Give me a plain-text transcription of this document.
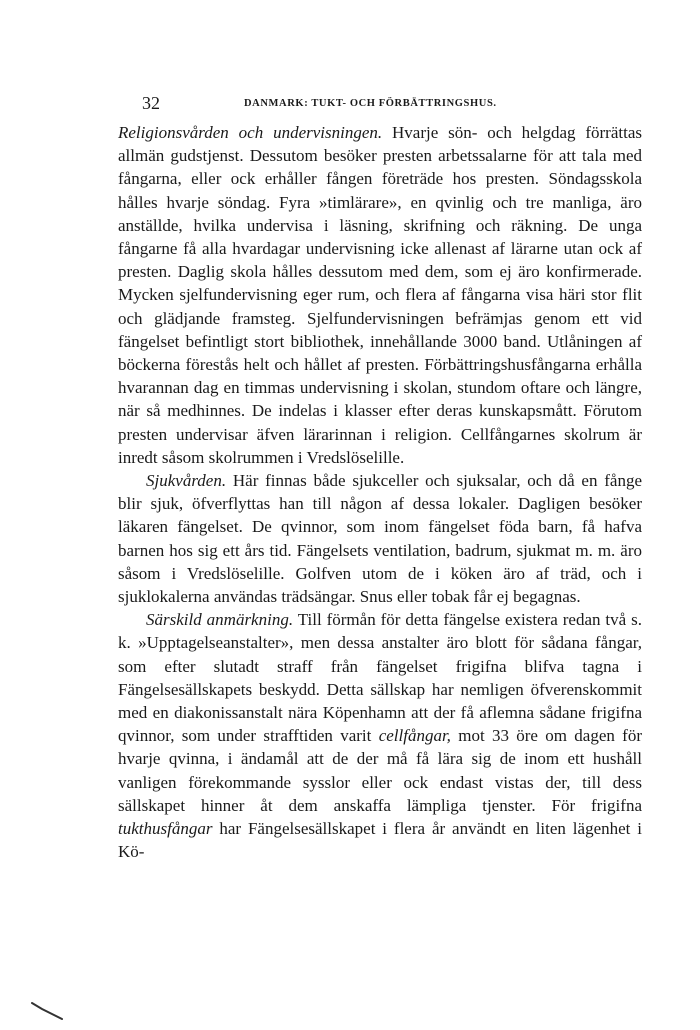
32	DANMARK: TUKT- OCH FÖRBÄTTRINGSHUS.

Religionsvården och undervisningen. Hvarje sön- och helgdag förrättas allmän gudstjenst. Dessutom besöker presten arbetssalarne för att tala med fångarna, eller ock erhåller fången företräde hos presten. Söndagsskola hålles hvarje söndag. Fyra »timlärare», en qvinlig och tre manliga, äro anställde, hvilka undervisa i läsning, skrifning och räkning. De unga fångarne få alla hvardagar undervisning icke allenast af lärarne utan ock af presten. Daglig skola hålles dessutom med dem, som ej äro konfirmerade. Mycken sjelfundervisning eger rum, och flera af fångarna visa häri stor flit och glädjande framsteg. Sjelfundervisningen befrämjas genom ett vid fängelset befintligt stort bibliothek, innehållande 3000 band. Utlåningen af böckerna förestås helt och hållet af presten. Förbättringshusfångarna erhålla hvarannan dag en timmas undervisning i skolan, stundom oftare och längre, när så medhinnes. De indelas i klasser efter deras kunskapsmått. Förutom presten undervisar äfven lärarinnan i religion. Cellfångarnes skolrum är inredt såsom skolrummen i Vredslöselille.

Sjukvården. Här finnas både sjukceller och sjuksalar, och då en fånge blir sjuk, öfverflyttas han till någon af dessa lokaler. Dagligen besöker läkaren fängelset. De qvinnor, som inom fängelset föda barn, få hafva barnen hos sig ett års tid. Fängelsets ventilation, badrum, sjukmat m. m. äro såsom i Vredslöselille. Golfven utom de i köken äro af träd, och i sjuklokalerna användas trädsängar. Snus eller tobak får ej begagnas.

Särskild anmärkning. Till förmån för detta fängelse existera redan två s. k. »Upptagelseanstalter», men dessa anstalter äro blott för sådana fångar, som efter slutadt straff från fängelset frigifna blifva tagna i Fängelsesällskapets beskydd. Detta sällskap har nemligen öfverenskommit med en diakonissanstalt nära Köpenhamn att der få aflemna sådane frigifna qvinnor, som under strafftiden varit cellfångar, mot 33 öre om dagen för hvarje qvinna, i ändamål att de der må få lära sig de inom ett hushåll vanligen förekommande sysslor eller ock endast vistas der, till dess sällskapet hinner åt dem anskaffa lämpliga tjenster. För frigifna tukthusfångar har Fängelsesällskapet i flera år användt en liten lägenhet i Kö-
